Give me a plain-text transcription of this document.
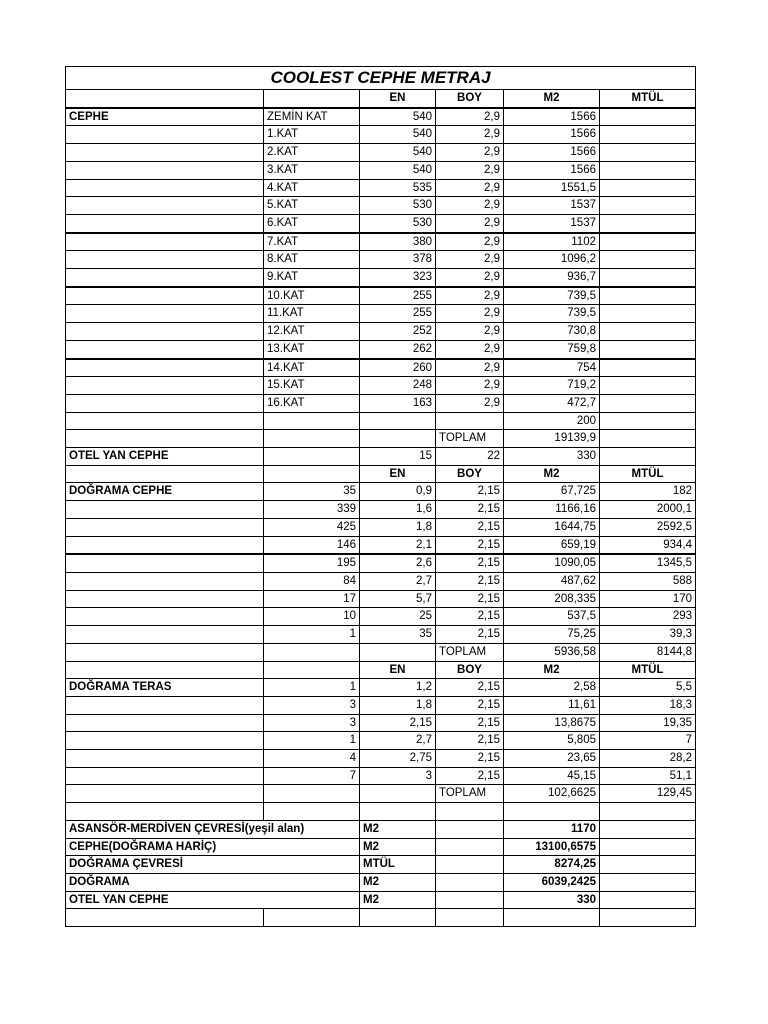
COOLEST CEPHE METRAJ					
		EN	BOY	M2	MTÜL
CEPHE	ZEMİN KAT	540	2,9	1566	
	1.KAT	540	2,9	1566	
	2.KAT	540	2,9	1566	
	3.KAT	540	2,9	1566	
	4.KAT	535	2,9	1551,5	
	5.KAT	530	2,9	1537	
	6.KAT	530	2,9	1537	
	7.KAT	380	2,9	1102	
	8.KAT	378	2,9	1096,2	
	9.KAT	323	2,9	936,7	
	10.KAT	255	2,9	739,5	
	11.KAT	255	2,9	739,5	
	12.KAT	252	2,9	730,8	
	13.KAT	262	2,9	759,8	
	14.KAT	260	2,9	754	
	15.KAT	248	2,9	719,2	
	16.KAT	163	2,9	472,7	
				200	
			TOPLAM	19139,9	
OTEL YAN CEPHE		15	22	330	
		EN	BOY	M2	MTÜL
DOĞRAMA CEPHE	35	0,9	2,15	67,725	182
	339	1,6	2,15	1166,16	2000,1
	425	1,8	2,15	1644,75	2592,5
	146	2,1	2,15	659,19	934,4
	195	2,6	2,15	1090,05	1345,5
	84	2,7	2,15	487,62	588
	17	5,7	2,15	208,335	170
	10	25	2,15	537,5	293
	1	35	2,15	75,25	39,3
			TOPLAM	5936,58	8144,8
		EN	BOY	M2	MTÜL
DOĞRAMA TERAS	1	1,2	2,15	2,58	5,5
	3	1,8	2,15	11,61	18,3
	3	2,15	2,15	13,8675	19,35
	1	2,7	2,15	5,805	7
	4	2,75	2,15	23,65	28,2
	7	3	2,15	45,15	51,1
			TOPLAM	102,6625	129,45

ASANSÖR-MERDİVEN ÇEVRESİ(yeşil alan)		M2		1170	
CEPHE(DOĞRAMA HARİÇ)		M2		13100,6575	
DOĞRAMA ÇEVRESİ		MTÜL		8274,25	
DOĞRAMA		M2		6039,2425	
OTEL YAN CEPHE		M2		330	
